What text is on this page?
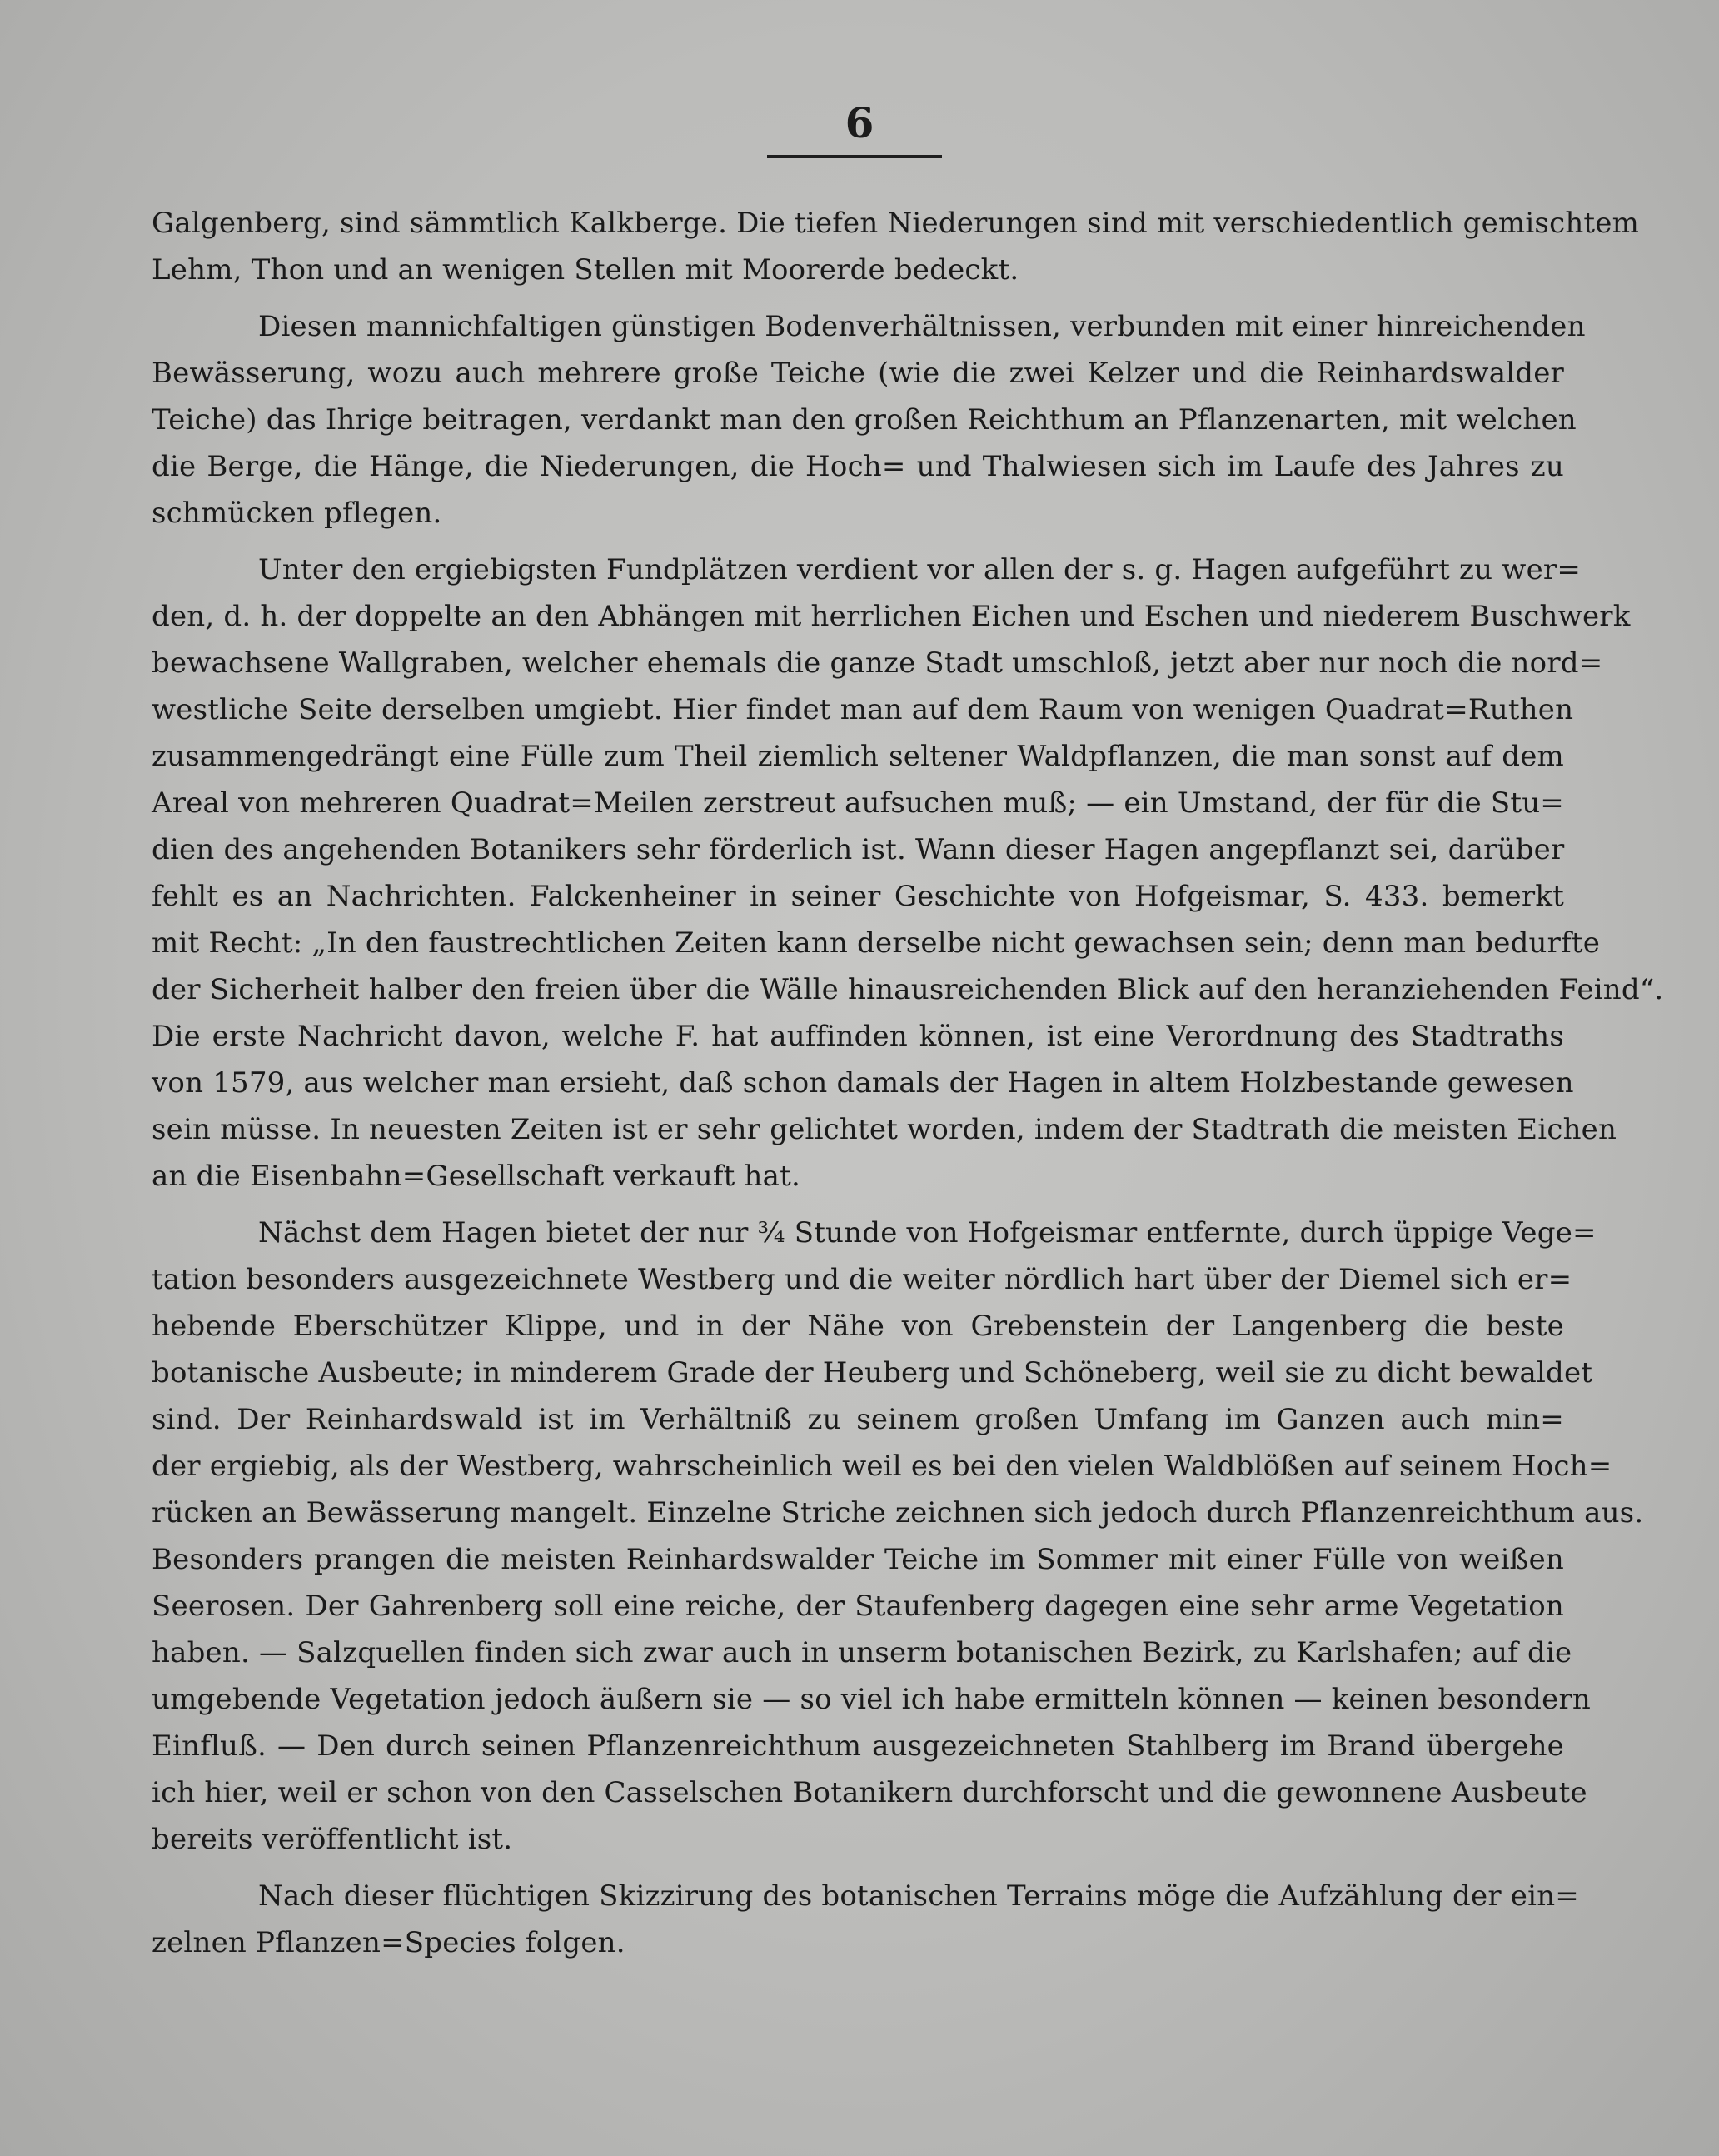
6
Galgenberg, sind sämmtlich Kalkberge. Die tiefen Niederungen sind mit verschiedentlich gemischtem
Lehm, Thon und an wenigen Stellen mit Moorerde bedeckt.
Diesen mannichfaltigen günstigen Bodenverhältnissen, verbunden mit einer hinreichenden
Bewässerung, wozu auch mehrere große Teiche (wie die zwei Kelzer und die Reinhardswalder
Teiche) das Ihrige beitragen, verdankt man den großen Reichthum an Pflanzenarten, mit welchen
die Berge, die Hänge, die Niederungen, die Hoch= und Thalwiesen sich im Laufe des Jahres zu
schmücken pflegen.
Unter den ergiebigsten Fundplätzen verdient vor allen der s. g. Hagen aufgeführt zu wer=
den, d. h. der doppelte an den Abhängen mit herrlichen Eichen und Eschen und niederem Buschwerk
bewachsene Wallgraben, welcher ehemals die ganze Stadt umschloß, jetzt aber nur noch die nord=
westliche Seite derselben umgiebt. Hier findet man auf dem Raum von wenigen Quadrat=Ruthen
zusammengedrängt eine Fülle zum Theil ziemlich seltener Waldpflanzen, die man sonst auf dem
Areal von mehreren Quadrat=Meilen zerstreut aufsuchen muß; — ein Umstand, der für die Stu=
dien des angehenden Botanikers sehr förderlich ist. Wann dieser Hagen angepflanzt sei, darüber
fehlt es an Nachrichten. Falckenheiner in seiner Geschichte von Hofgeismar, S. 433. bemerkt
mit Recht: „In den faustrechtlichen Zeiten kann derselbe nicht gewachsen sein; denn man bedurfte
der Sicherheit halber den freien über die Wälle hinausreichenden Blick auf den heranziehenden Feind“.
Die erste Nachricht davon, welche F. hat auffinden können, ist eine Verordnung des Stadtraths
von 1579, aus welcher man ersieht, daß schon damals der Hagen in altem Holzbestande gewesen
sein müsse. In neuesten Zeiten ist er sehr gelichtet worden, indem der Stadtrath die meisten Eichen
an die Eisenbahn=Gesellschaft verkauft hat.
Nächst dem Hagen bietet der nur ¾ Stunde von Hofgeismar entfernte, durch üppige Vege=
tation besonders ausgezeichnete Westberg und die weiter nördlich hart über der Diemel sich er=
hebende Eberschützer Klippe, und in der Nähe von Grebenstein der Langenberg die beste
botanische Ausbeute; in minderem Grade der Heuberg und Schöneberg, weil sie zu dicht bewaldet
sind. Der Reinhardswald ist im Verhältniß zu seinem großen Umfang im Ganzen auch min=
der ergiebig, als der Westberg, wahrscheinlich weil es bei den vielen Waldblößen auf seinem Hoch=
rücken an Bewässerung mangelt. Einzelne Striche zeichnen sich jedoch durch Pflanzenreichthum aus.
Besonders prangen die meisten Reinhardswalder Teiche im Sommer mit einer Fülle von weißen
Seerosen. Der Gahrenberg soll eine reiche, der Staufenberg dagegen eine sehr arme Vegetation
haben. — Salzquellen finden sich zwar auch in unserm botanischen Bezirk, zu Karlshafen; auf die
umgebende Vegetation jedoch äußern sie — so viel ich habe ermitteln können — keinen besondern
Einfluß. — Den durch seinen Pflanzenreichthum ausgezeichneten Stahlberg im Brand übergehe
ich hier, weil er schon von den Casselschen Botanikern durchforscht und die gewonnene Ausbeute
bereits veröffentlicht ist.
Nach dieser flüchtigen Skizzirung des botanischen Terrains möge die Aufzählung der ein=
zelnen Pflanzen=Species folgen.
